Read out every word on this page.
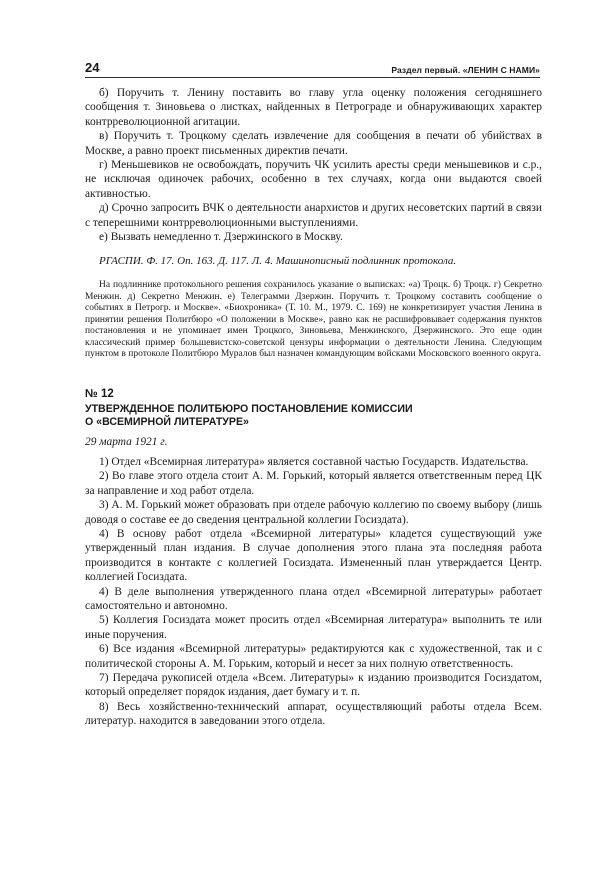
24	Раздел первый. «ЛЕНИН С НАМИ»

б) Поручить т. Ленину поставить во главу угла оценку положения сегодняшнего сообщения т. Зиновьева о листках, найденных в Петрограде и обнаруживающих характер контрреволюционной агитации.

в) Поручить т. Троцкому сделать извлечение для сообщения в печати об убийствах в Москве, а равно проект письменных директив печати.

г) Меньшевиков не освобождать, поручить ЧК усилить аресты среди меньшевиков и с.р., не исключая одиночек рабочих, особенно в тех случаях, когда они выдаются своей активностью.

д) Срочно запросить ВЧК о деятельности анархистов и других несоветских партий в связи с теперешними контрреволюционными выступлениями.

е) Вызвать немедленно т. Дзержинского в Москву.

РГАСПИ. Ф. 17. Оп. 163. Д. 117. Л. 4. Машинописный подлинник протокола.

На подлиннике протокольного решения сохранилось указание о выписках: «а) Троцк. б) Троцк. г) Секретно Менжин. д) Секретно Менжин. е) Телеграмми Дзержин. Поручить т. Троцкому составить сообщение о событиях в Петрогр. и Москве». «Биохроника» (Т. 10. М., 1979. С. 169) не конкретизирует участия Ленина в принятии решения Политбюро «О положении в Москве», равно как не расшифровывает содержания пунктов постановления и не упоминает имен Троцкого, Зиновьева, Менжинского, Дзержинского. Это еще один классический пример большевистско-советской цензуры информации о деятельности Ленина. Следующим пунктом в протоколе Политбюро Муралов был назначен командующим войсками Московского военного округа.

№ 12
УТВЕРЖДЕННОЕ ПОЛИТБЮРО ПОСТАНОВЛЕНИЕ КОМИССИИ
О «ВСЕМИРНОЙ ЛИТЕРАТУРЕ»
29 марта 1921 г.

1) Отдел «Всемирная литература» является составной частью Государств. Издательства.

2) Во главе этого отдела стоит А. М. Горький, который является ответственным перед ЦК за направление и ход работ отдела.

3) А. М. Горький может образовать при отделе рабочую коллегию по своему выбору (лишь доводя о составе ее до сведения центральной коллегии Госиздата).

4) В основу работ отдела «Всемирной литературы» кладется существующий уже утвержденный план издания. В случае дополнения этого плана эта последняя работа производится в контакте с коллегией Госиздата. Измененный план утверждается Центр. коллегией Госиздата.

4) В деле выполнения утвержденного плана отдел «Всемирной литературы» работает самостоятельно и автономно.

5) Коллегия Госиздата может просить отдел «Всемирная литература» выполнить те или иные поручения.

6) Все издания «Всемирной литературы» редактируются как с художественной, так и с политической стороны А. М. Горьким, который и несет за них полную ответственность.

7) Передача рукописей отдела «Всем. Литературы» к изданию производится Госиздатом, который определяет порядок издания, дает бумагу и т. п.

8) Весь хозяйственно-технический аппарат, осуществляющий работы отдела Всем. литератур. находится в заведовании этого отдела.
